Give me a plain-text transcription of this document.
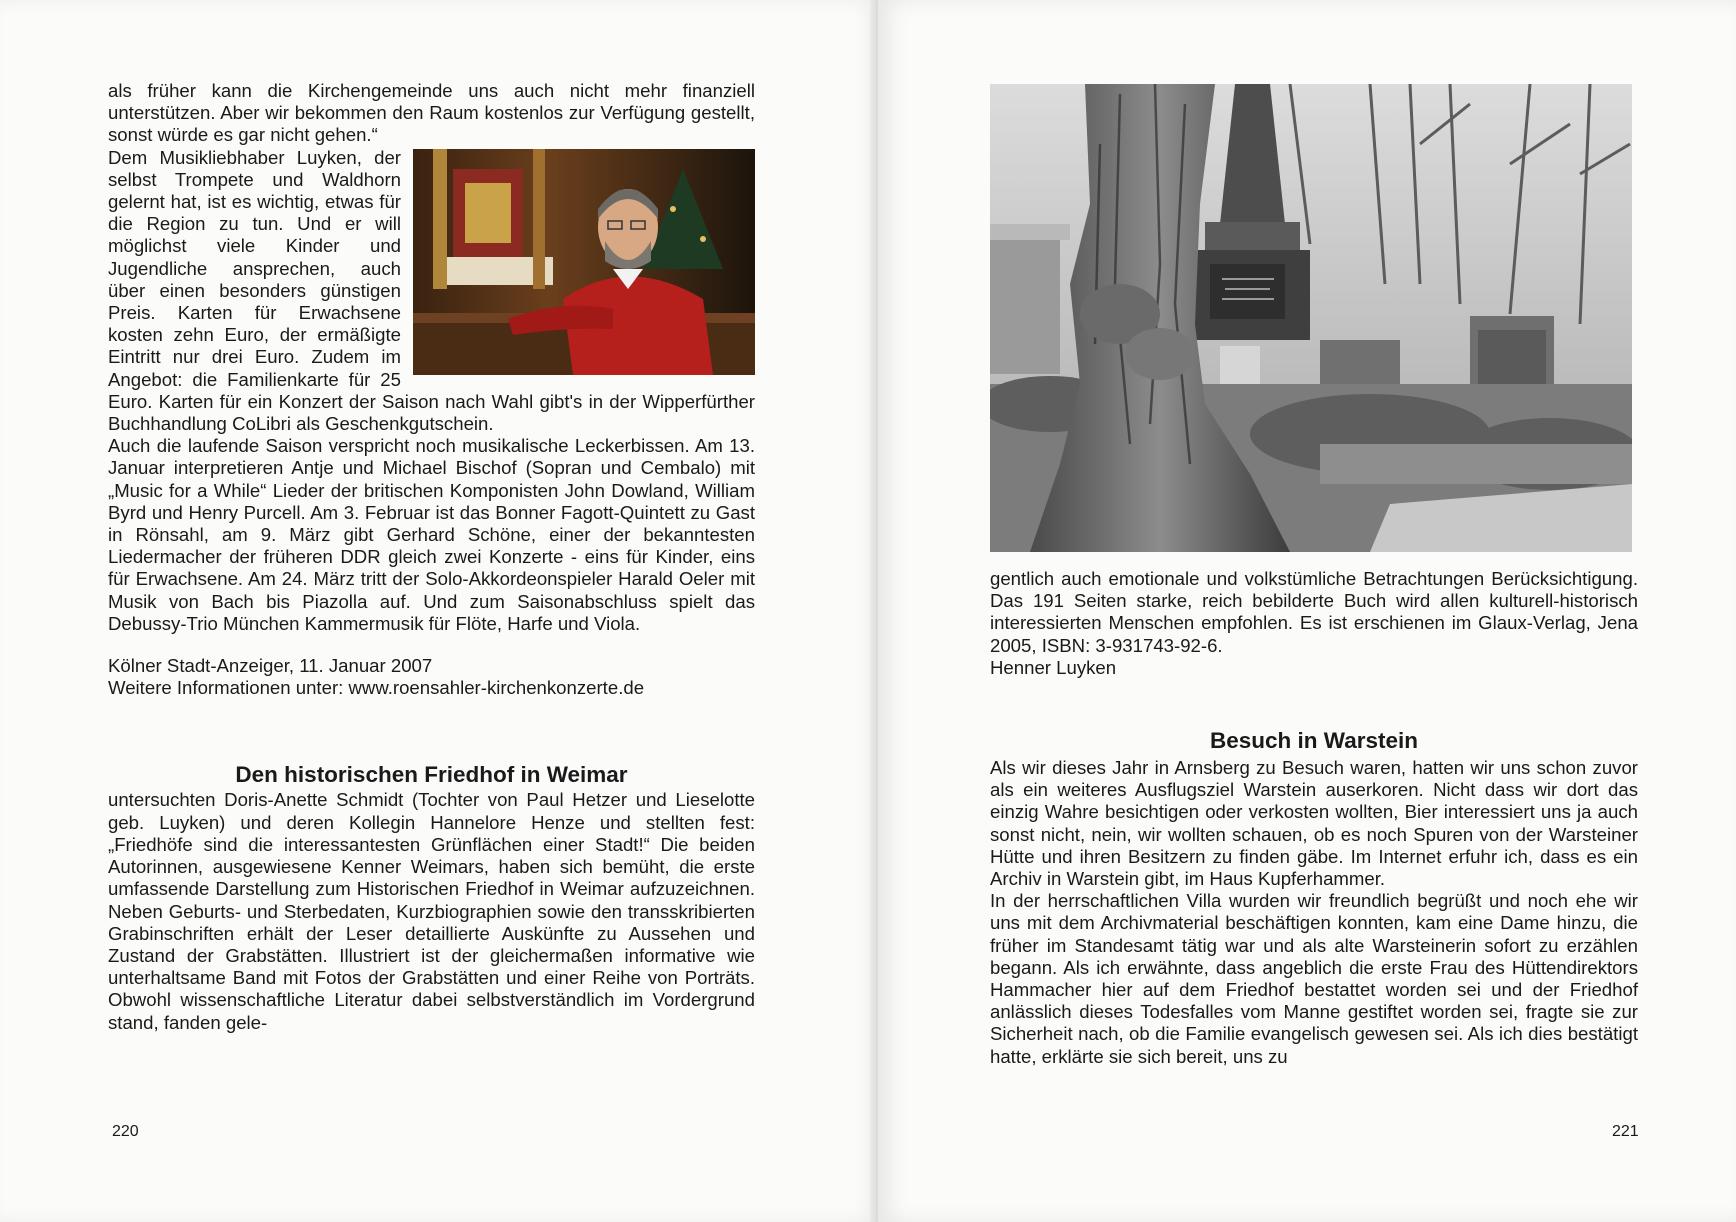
als früher kann die Kirchengemeinde uns auch nicht mehr finanziell unterstützen. Aber wir bekommen den Raum kostenlos zur Verfügung gestellt, sonst würde es gar nicht gehen.“

Dem Musikliebhaber Luyken, der selbst Trompete und Waldhorn gelernt hat, ist es wichtig, etwas für die Region zu tun. Und er will möglichst viele Kinder und Jugendliche ansprechen, auch über einen besonders günstigen Preis. Karten für Erwachsene kosten zehn Euro, der ermäßigte Eintritt nur drei Euro. Zudem im Angebot: die Familienkarte für 25 Euro. Karten für ein Konzert der Saison nach Wahl gibt's in der Wipperfürther Buchhandlung CoLibri als Geschenkgutschein.

Auch die laufende Saison verspricht noch musikalische Leckerbissen. Am 13. Januar interpretieren Antje und Michael Bischof (Sopran und Cembalo) mit „Music for a While“ Lieder der britischen Komponisten John Dowland, William Byrd und Henry Purcell. Am 3. Februar ist das Bonner Fagott-Quintett zu Gast in Rönsahl, am 9. März gibt Gerhard Schöne, einer der bekanntesten Liedermacher der früheren DDR gleich zwei Konzerte - eins für Kinder, eins für Erwachsene. Am 24. März tritt der Solo-Akkordeonspieler Harald Oeler mit Musik von Bach bis Piazolla auf. Und zum Saisonabschluss spielt das Debussy-Trio München Kammermusik für Flöte, Harfe und Viola.

Kölner Stadt-Anzeiger, 11. Januar 2007

Weitere Informationen unter: www.roensahler-kirchenkonzerte.de

Den historischen Friedhof in Weimar

untersuchten Doris-Anette Schmidt (Tochter von Paul Hetzer und Lieselotte geb. Luyken) und deren Kollegin Hannelore Henze und stellten fest: „Friedhöfe sind die interessantesten Grünflächen einer Stadt!“ Die beiden Autorinnen, ausgewiesene Kenner Weimars, haben sich bemüht, die erste umfassende Darstellung zum Historischen Friedhof in Weimar aufzuzeichnen. Neben Geburts- und Sterbedaten, Kurzbiographien sowie den transskribierten Grabinschriften erhält der Leser detaillierte Auskünfte zu Aussehen und Zustand der Grabstätten. Illustriert ist der gleichermaßen informative wie unterhaltsame Band mit Fotos der Grabstätten und einer Reihe von Porträts. Obwohl wissenschaftliche Literatur dabei selbstverständlich im Vordergrund stand, fanden gele-

220

gentlich auch emotionale und volkstümliche Betrachtungen Berücksichtigung. Das 191 Seiten starke, reich bebilderte Buch wird allen kulturell-historisch interessierten Menschen empfohlen. Es ist erschienen im Glaux-Verlag, Jena 2005, ISBN: 3-931743-92-6.

Henner Luyken

Besuch in Warstein

Als wir dieses Jahr in Arnsberg zu Besuch waren, hatten wir uns schon zuvor als ein weiteres Ausflugsziel Warstein auserkoren. Nicht dass wir dort das einzig Wahre besichtigen oder verkosten wollten, Bier interessiert uns ja auch sonst nicht, nein, wir wollten schauen, ob es noch Spuren von der Warsteiner Hütte und ihren Besitzern zu finden gäbe. Im Internet erfuhr ich, dass es ein Archiv in Warstein gibt, im Haus Kupferhammer.

In der herrschaftlichen Villa wurden wir freundlich begrüßt und noch ehe wir uns mit dem Archivmaterial beschäftigen konnten, kam eine Dame hinzu, die früher im Standesamt tätig war und als alte Warsteinerin sofort zu erzählen begann. Als ich erwähnte, dass angeblich die erste Frau des Hüttendirektors Hammacher hier auf dem Friedhof bestattet worden sei und der Friedhof anlässlich dieses Todesfalles vom Manne gestiftet worden sei, fragte sie zur Sicherheit nach, ob die Familie evangelisch gewesen sei. Als ich dies bestätigt hatte, erklärte sie sich bereit, uns zu

221
